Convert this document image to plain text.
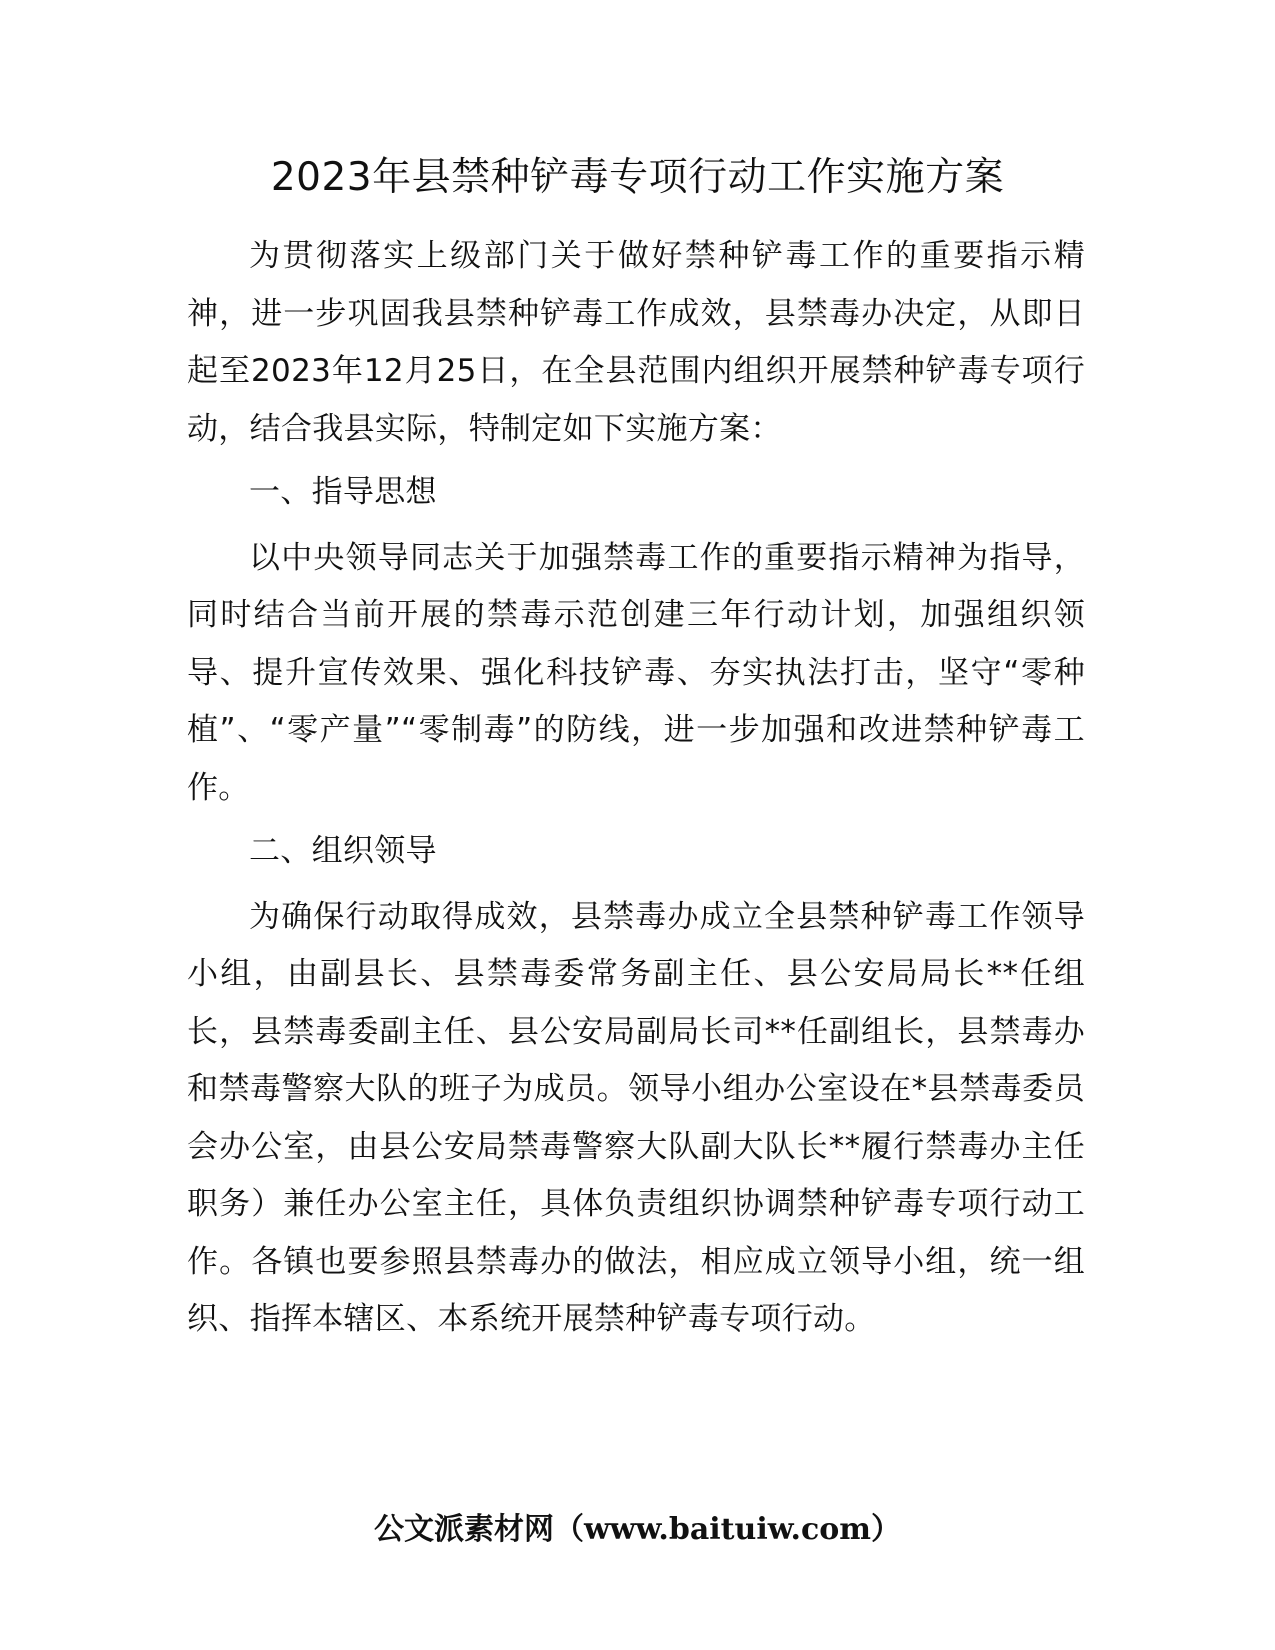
2023年县禁种铲毒专项行动工作实施方案

为贯彻落实上级部门关于做好禁种铲毒工作的重要指示精神，进一步巩固我县禁种铲毒工作成效，县禁毒办决定，从即日起至2023年12月25日，在全县范围内组织开展禁种铲毒专项行动，结合我县实际，特制定如下实施方案：

一、指导思想

以中央领导同志关于加强禁毒工作的重要指示精神为指导，同时结合当前开展的禁毒示范创建三年行动计划，加强组织领导、提升宣传效果、强化科技铲毒、夯实执法打击，坚守“零种植”、“零产量”“零制毒”的防线，进一步加强和改进禁种铲毒工作。

二、组织领导

为确保行动取得成效，县禁毒办成立全县禁种铲毒工作领导小组，由副县长、县禁毒委常务副主任、县公安局局长**任组长，县禁毒委副主任、县公安局副局长司**任副组长，县禁毒办和禁毒警察大队的班子为成员。领导小组办公室设在*县禁毒委员会办公室，由县公安局禁毒警察大队副大队长**履行禁毒办主任职务）兼任办公室主任，具体负责组织协调禁种铲毒专项行动工作。各镇也要参照县禁毒办的做法，相应成立领导小组，统一组织、指挥本辖区、本系统开展禁种铲毒专项行动。

公文派素材网（www.baituiw.com）
